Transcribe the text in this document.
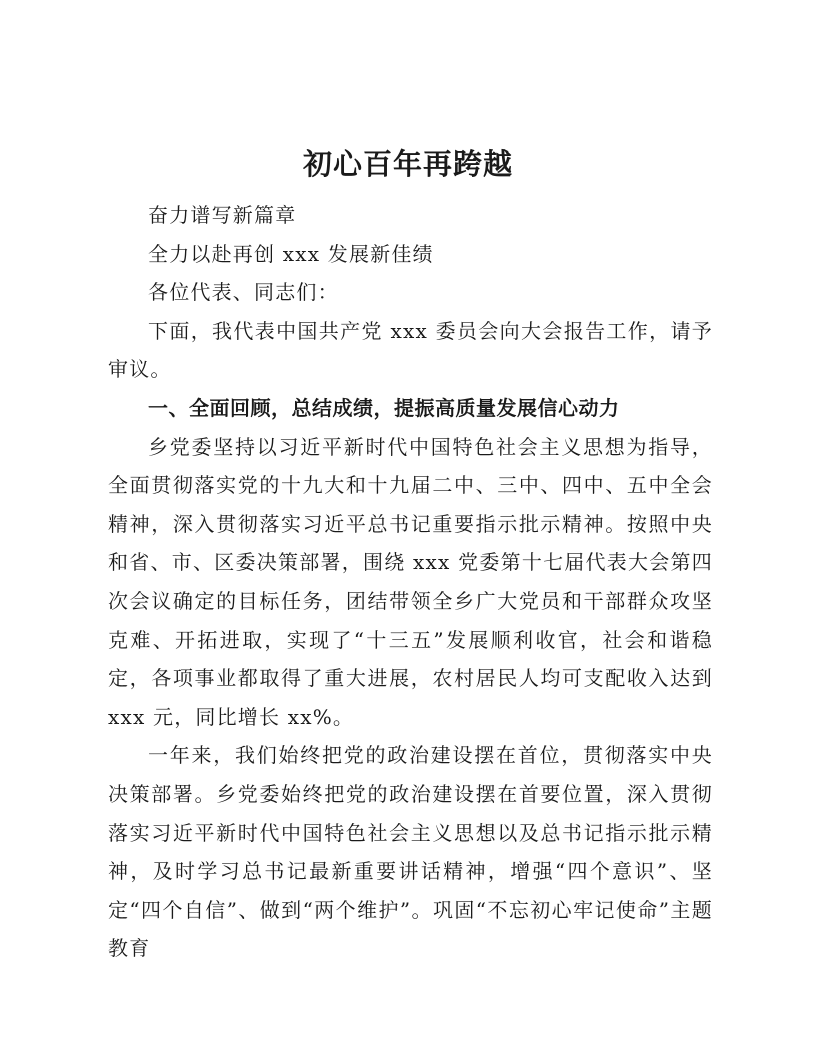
初心百年再跨越

奋力谱写新篇章

全力以赴再创 xxx 发展新佳绩

各位代表、同志们：

下面，我代表中国共产党 xxx 委员会向大会报告工作，请予审议。

一、全面回顾，总结成绩，提振高质量发展信心动力

乡党委坚持以习近平新时代中国特色社会主义思想为指导，全面贯彻落实党的十九大和十九届二中、三中、四中、五中全会精神，深入贯彻落实习近平总书记重要指示批示精神。按照中央和省、市、区委决策部署，围绕 xxx 党委第十七届代表大会第四次会议确定的目标任务，团结带领全乡广大党员和干部群众攻坚克难、开拓进取，实现了“十三五”发展顺利收官，社会和谐稳定，各项事业都取得了重大进展，农村居民人均可支配收入达到 xxx 元，同比增长 xx%。

一年来，我们始终把党的政治建设摆在首位，贯彻落实中央决策部署。乡党委始终把党的政治建设摆在首要位置，深入贯彻落实习近平新时代中国特色社会主义思想以及总书记指示批示精神，及时学习总书记最新重要讲话精神，增强“四个意识”、坚定“四个自信”、做到“两个维护”。巩固“不忘初心牢记使命”主题教育
